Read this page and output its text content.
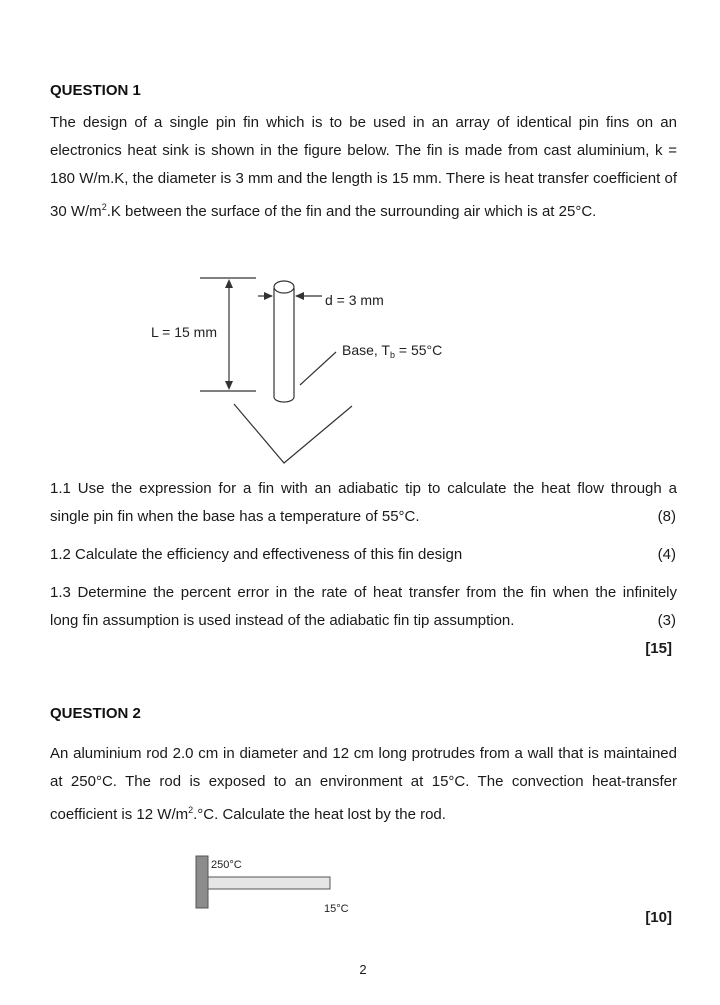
QUESTION 1
The design of a single pin fin which is to be used in an array of identical pin fins on an electronics heat sink is shown in the figure below. The fin is made from cast aluminium, k = 180 W/m.K, the diameter is 3 mm and the length is 15 mm. There is heat transfer coefficient of 30 $W/m^2.K$ between the surface of the fin and the surrounding air which is at 25°C.
L = 15 mm
d = 3 mm
Base, $T_b = 55^\circ C$
1.1 Use the expression for a fin with an adiabatic tip to calculate the heat flow through a
single pin fin when the base has a temperature of 55°C.	(8)
1.2 Calculate the efficiency and effectiveness of this fin design	(4)
1.3 Determine the percent error in the rate of heat transfer from the fin when the infinitely
long fin assumption is used instead of the adiabatic fin tip assumption.	(3)
[15]
QUESTION 2
An aluminium rod 2.0 cm in diameter and 12 cm long protrudes from a wall that is maintained at 250°C. The rod is exposed to an environment at 15°C. The convection heat-transfer coefficient is 12 $W/m^2.^\circ C$. Calculate the heat lost by the rod.
250°C
15°C	[10]
2
